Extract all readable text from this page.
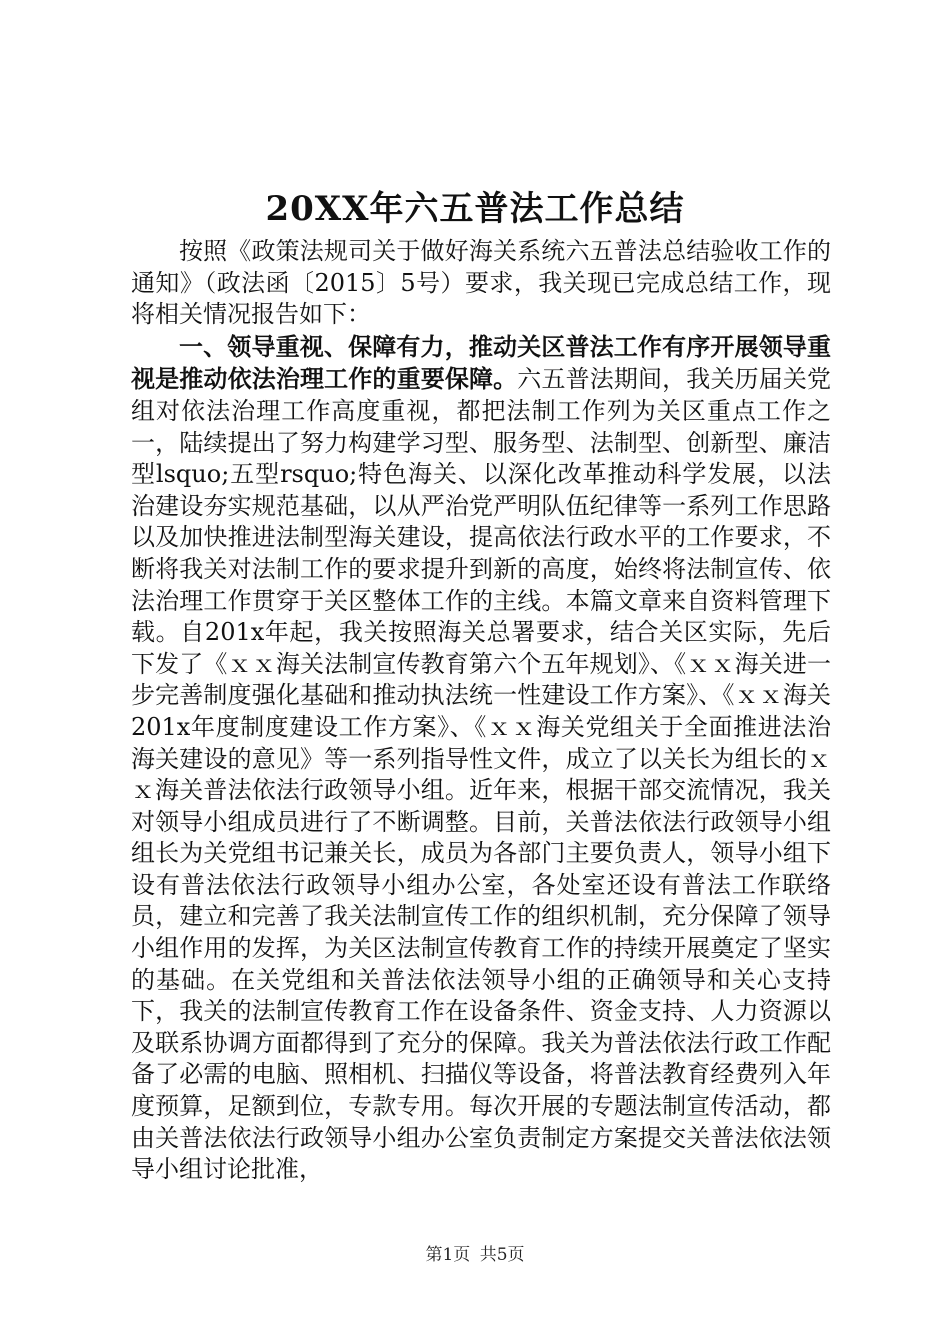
20XX年六五普法工作总结

按照《政策法规司关于做好海关系统六五普法总结验收工作的通知》（政法函〔2015〕5号）要求，我关现已完成总结工作，现将相关情况报告如下：

一、领导重视、保障有力，推动关区普法工作有序开展领导重视是推动依法治理工作的重要保障。六五普法期间，我关历届关党组对依法治理工作高度重视，都把法制工作列为关区重点工作之一，陆续提出了努力构建学习型、服务型、法制型、创新型、廉洁型lsquo;五型rsquo;特色海关、以深化改革推动科学发展，以法治建设夯实规范基础，以从严治党严明队伍纪律等一系列工作思路以及加快推进法制型海关建设，提高依法行政水平的工作要求，不断将我关对法制工作的要求提升到新的高度，始终将法制宣传、依法治理工作贯穿于关区整体工作的主线。本篇文章来自资料管理下载。自201x年起，我关按照海关总署要求，结合关区实际，先后下发了《ｘｘ海关法制宣传教育第六个五年规划》、《ｘｘ海关进一步完善制度强化基础和推动执法统一性建设工作方案》、《ｘｘ海关201x年度制度建设工作方案》、《ｘｘ海关党组关于全面推进法治海关建设的意见》等一系列指导性文件，成立了以关长为组长的ｘｘ海关普法依法行政领导小组。近年来，根据干部交流情况，我关对领导小组成员进行了不断调整。目前，关普法依法行政领导小组组长为关党组书记兼关长，成员为各部门主要负责人，领导小组下设有普法依法行政领导小组办公室，各处室还设有普法工作联络员，建立和完善了我关法制宣传工作的组织机制，充分保障了领导小组作用的发挥，为关区法制宣传教育工作的持续开展奠定了坚实的基础。在关党组和关普法依法领导小组的正确领导和关心支持下，我关的法制宣传教育工作在设备条件、资金支持、人力资源以及联系协调方面都得到了充分的保障。我关为普法依法行政工作配备了必需的电脑、照相机、扫描仪等设备，将普法教育经费列入年度预算，足额到位，专款专用。每次开展的专题法制宣传活动，都由关普法依法行政领导小组办公室负责制定方案提交关普法依法领导小组讨论批准，

第1页 共5页
